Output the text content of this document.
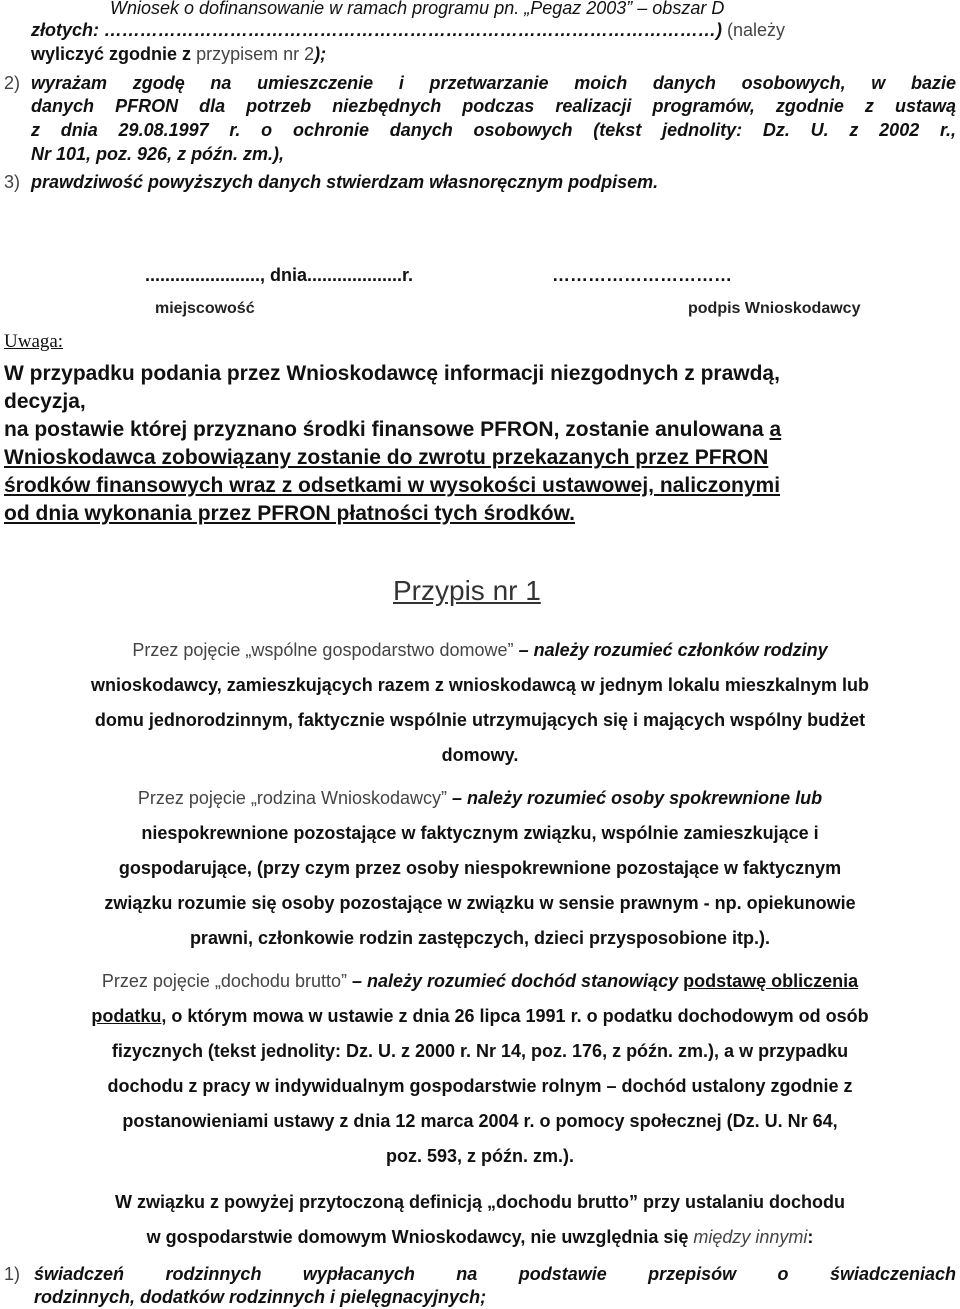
Wniosek o dofinansowanie w ramach programu pn. „Pegaz 2003” – obszar D
złotych: …………………………………………………………………………………………) (należy
wyliczyć zgodnie z przypisem nr 2);
2) wyrażam zgodę na umieszczenie i przetwarzanie moich danych osobowych, w bazie
danych PFRON dla potrzeb niezbędnych podczas realizacji programów, zgodnie z ustawą
z dnia 29.08.1997 r. o ochronie danych osobowych (tekst jednolity: Dz. U. z 2002 r.,
Nr 101, poz. 926, z późn. zm.),
3) prawdziwość powyższych danych stwierdzam własnoręcznym podpisem.
......................., dnia...................r.	…………………………
miejscowość	podpis Wnioskodawcy
Uwaga:
W przypadku podania przez Wnioskodawcę informacji niezgodnych z prawdą,
decyzja,
na postawie której przyznano środki finansowe PFRON, zostanie anulowana a
Wnioskodawca zobowiązany zostanie do zwrotu przekazanych przez PFRON
środków finansowych wraz z odsetkami w wysokości ustawowej, naliczonymi
od dnia wykonania przez PFRON płatności tych środków.
Przypis nr 1
Przez pojęcie „wspólne gospodarstwo domowe” – należy rozumieć członków rodziny
wnioskodawcy, zamieszkujących razem z wnioskodawcą w jednym lokalu mieszkalnym lub
domu jednorodzinnym, faktycznie wspólnie utrzymujących się i mających wspólny budżet
domowy.
Przez pojęcie „rodzina Wnioskodawcy” – należy rozumieć osoby spokrewnione lub
niespokrewnione pozostające w faktycznym związku, wspólnie zamieszkujące i
gospodarujące, (przy czym przez osoby niespokrewnione pozostające w faktycznym
związku rozumie się osoby pozostające w związku w sensie prawnym - np. opiekunowie
prawni, członkowie rodzin zastępczych, dzieci przysposobione itp.).
Przez pojęcie „dochodu brutto” – należy rozumieć dochód stanowiący podstawę obliczenia
podatku, o którym mowa w ustawie z dnia 26 lipca 1991 r. o podatku dochodowym od osób
fizycznych (tekst jednolity: Dz. U. z 2000 r. Nr 14, poz. 176, z późn. zm.), a w przypadku
dochodu z pracy w indywidualnym gospodarstwie rolnym – dochód ustalony zgodnie z
postanowieniami ustawy z dnia 12 marca 2004 r. o pomocy społecznej (Dz. U. Nr 64,
poz. 593, z późn. zm.).
W związku z powyżej przytoczoną definicją „dochodu brutto” przy ustalaniu dochodu
w gospodarstwie domowym Wnioskodawcy, nie uwzględnia się między innymi:
1) świadczeń rodzinnych wypłacanych na podstawie przepisów o świadczeniach
rodzinnych, dodatków rodzinnych i pielęgnacyjnych;
